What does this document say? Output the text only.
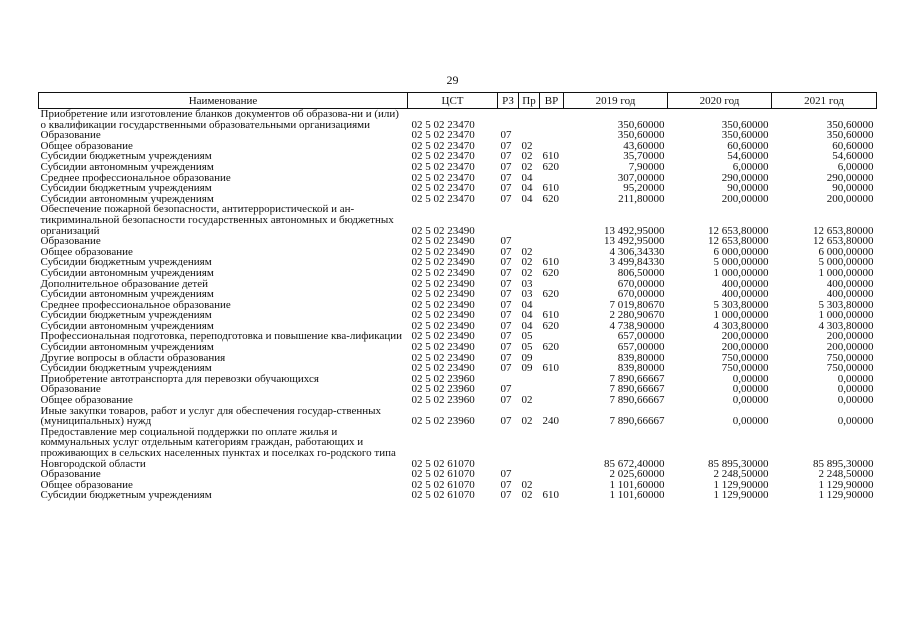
29
Наименование	ЦСТ	РЗ	Пр	ВР	2019 год	2020 год	2021 год
Приобретение или изготовление бланков документов об образова-ни и (или) о квалификации государственными образовательными организациями	02 5 02 23470				350,60000	350,60000	350,60000
Образование	02 5 02 23470	07			350,60000	350,60000	350,60000
Общее образование	02 5 02 23470	07	02		43,60000	60,60000	60,60000
Субсидии бюджетным учреждениям	02 5 02 23470	07	02	610	35,70000	54,60000	54,60000
Субсидии автономным учреждениям	02 5 02 23470	07	02	620	7,90000	6,00000	6,00000
Среднее профессиональное образование	02 5 02 23470	07	04		307,00000	290,00000	290,00000
Субсидии бюджетным учреждениям	02 5 02 23470	07	04	610	95,20000	90,00000	90,00000
Субсидии автономным учреждениям	02 5 02 23470	07	04	620	211,80000	200,00000	200,00000
Обеспечение пожарной безопасности, антитеррористической и ан-тикриминальной безопасности государственных автономных и бюджетных организаций	02 5 02 23490				13 492,95000	12 653,80000	12 653,80000
Образование	02 5 02 23490	07			13 492,95000	12 653,80000	12 653,80000
Общее образование	02 5 02 23490	07	02		4 306,34330	6 000,00000	6 000,00000
Субсидии бюджетным учреждениям	02 5 02 23490	07	02	610	3 499,84330	5 000,00000	5 000,00000
Субсидии автономным учреждениям	02 5 02 23490	07	02	620	806,50000	1 000,00000	1 000,00000
Дополнительное образование детей	02 5 02 23490	07	03		670,00000	400,00000	400,00000
Субсидии автономным учреждениям	02 5 02 23490	07	03	620	670,00000	400,00000	400,00000
Среднее профессиональное образование	02 5 02 23490	07	04		7 019,80670	5 303,80000	5 303,80000
Субсидии бюджетным учреждениям	02 5 02 23490	07	04	610	2 280,90670	1 000,00000	1 000,00000
Субсидии автономным учреждениям	02 5 02 23490	07	04	620	4 738,90000	4 303,80000	4 303,80000
Профессиональная подготовка, переподготовка и повышение ква-лификации	02 5 02 23490	07	05		657,00000	200,00000	200,00000
Субсидии автономным учреждениям	02 5 02 23490	07	05	620	657,00000	200,00000	200,00000
Другие вопросы в области образования	02 5 02 23490	07	09		839,80000	750,00000	750,00000
Субсидии бюджетным учреждениям	02 5 02 23490	07	09	610	839,80000	750,00000	750,00000
Приобретение автотранспорта для перевозки обучающихся	02 5 02 23960				7 890,66667	0,00000	0,00000
Образование	02 5 02 23960	07			7 890,66667	0,00000	0,00000
Общее образование	02 5 02 23960	07	02		7 890,66667	0,00000	0,00000
Иные закупки товаров, работ и услуг для обеспечения государ-ственных (муниципальных) нужд	02 5 02 23960	07	02	240	7 890,66667	0,00000	0,00000
Предоставление мер социальной поддержки по оплате жилья и коммунальных услуг отдельным категориям граждан, работающих и проживающих в сельских населенных пунктах и поселках го-родского типа Новгородской области	02 5 02 61070				85 672,40000	85 895,30000	85 895,30000
Образование	02 5 02 61070	07			2 025,60000	2 248,50000	2 248,50000
Общее образование	02 5 02 61070	07	02		1 101,60000	1 129,90000	1 129,90000
Субсидии бюджетным учреждениям	02 5 02 61070	07	02	610	1 101,60000	1 129,90000	1 129,90000
